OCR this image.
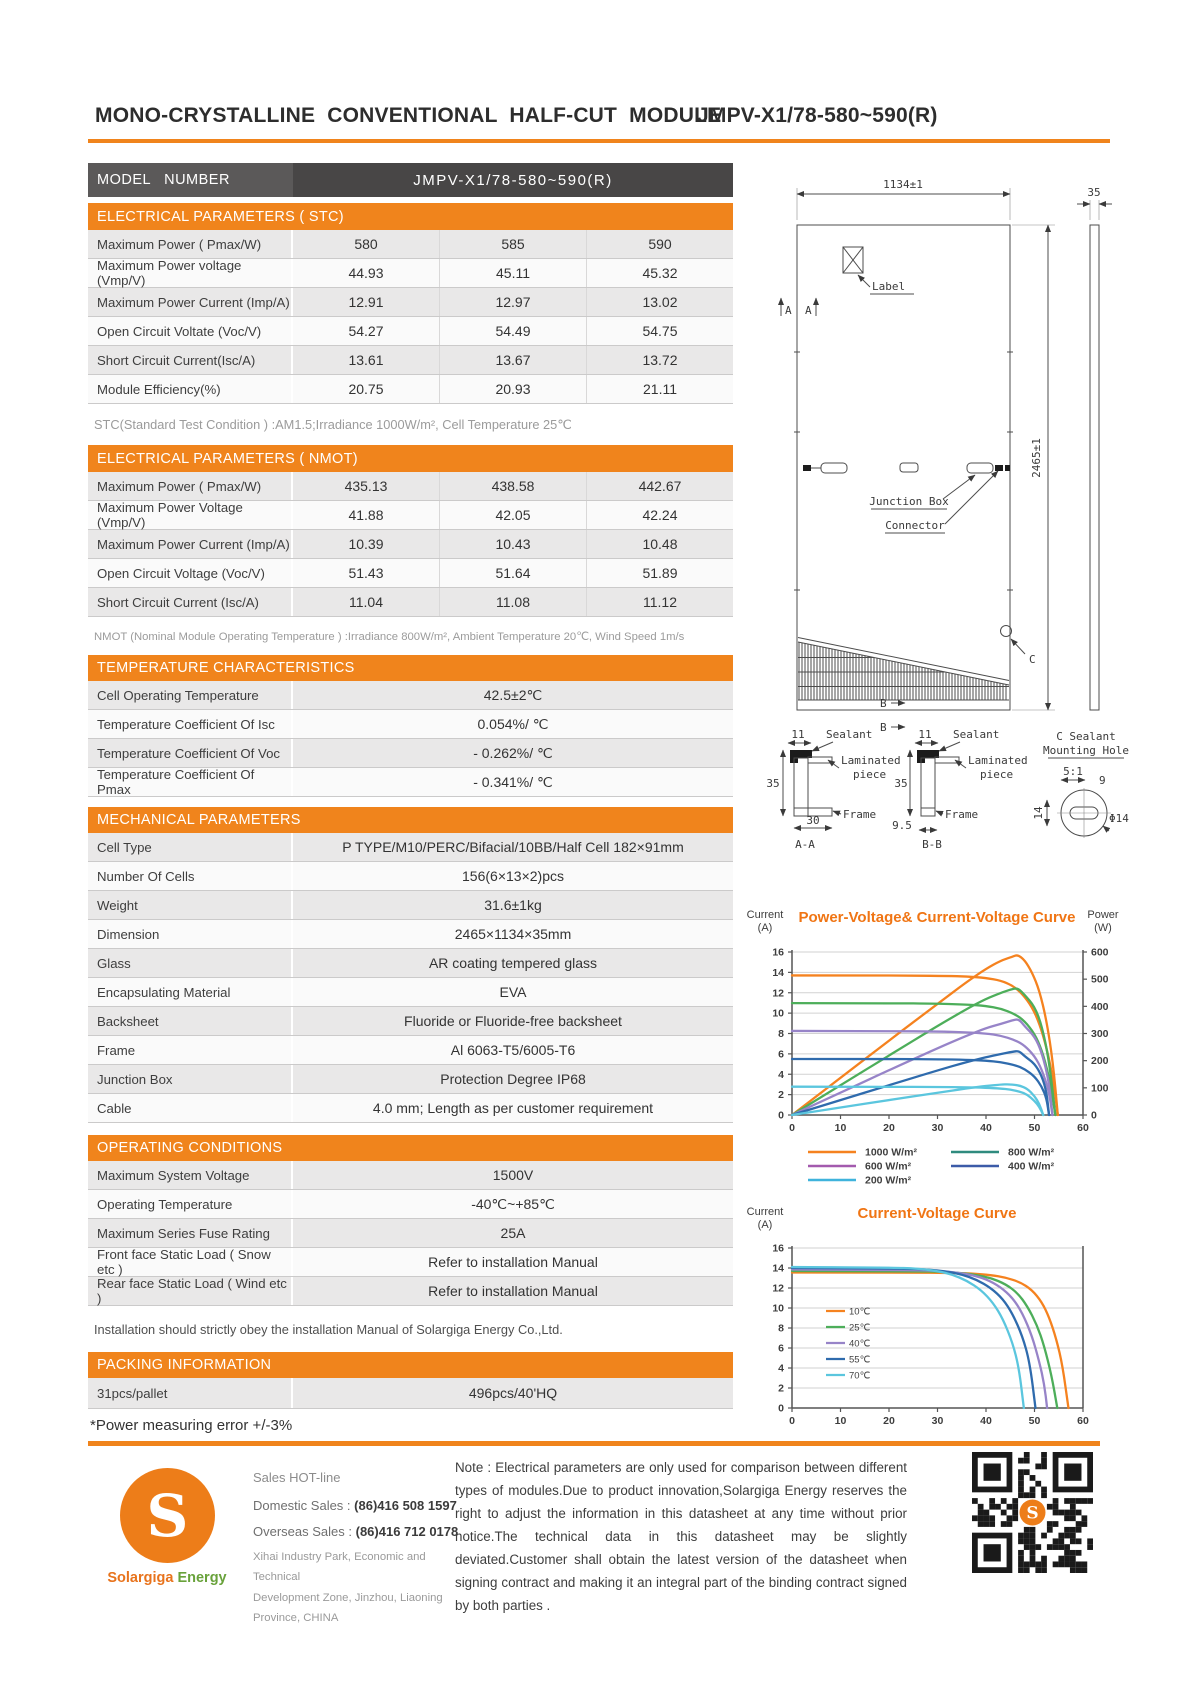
MONO-CRYSTALLINE  CONVENTIONAL  HALF-CUT  MODULE
JMPV-X1/78-580~590(R)
MODEL   NUMBER	JMPV-X1/78-580~590(R)
ELECTRICAL PARAMETERS ( STC)
Maximum Power ( Pmax/W)	580	585	590
Maximum Power voltage (Vmp/V)	44.93	45.11	45.32
Maximum Power Current (Imp/A)	12.91	12.97	13.02
Open Circuit Voltate (Voc/V)	54.27	54.49	54.75
Short Circuit Current(Isc/A)	13.61	13.67	13.72
Module Efficiency(%)	20.75	20.93	21.11
STC(Standard Test Condition ) :AM1.5;Irradiance 1000W/m², Cell Temperature 25℃
ELECTRICAL PARAMETERS ( NMOT)
Maximum Power ( Pmax/W)	435.13	438.58	442.67
Maximum Power Voltage (Vmp/V)	41.88	42.05	42.24
Maximum Power Current (Imp/A)	10.39	10.43	10.48
Open Circuit Voltage (Voc/V)	51.43	51.64	51.89
Short Circuit Current (Isc/A)	11.04	11.08	11.12
NMOT (Nominal Module Operating Temperature ) :Irradiance 800W/m², Ambient Temperature 20℃, Wind Speed 1m/s
TEMPERATURE CHARACTERISTICS
Cell Operating Temperature	42.5±2℃
Temperature Coefficient Of Isc	0.054%/ ℃
Temperature Coefficient Of Voc	- 0.262%/ ℃
Temperature Coefficient Of Pmax	- 0.341%/ ℃
MECHANICAL PARAMETERS
Cell Type	P TYPE/M10/PERC/Bifacial/10BB/Half Cell 182×91mm
Number Of Cells	156(6×13×2)pcs
Weight	31.6±1kg
Dimension	2465×1134×35mm
Glass	AR coating tempered glass
Encapsulating Material	EVA
Backsheet	Fluoride or Fluoride-free backsheet
Frame	Al 6063-T5/6005-T6
Junction Box	Protection Degree IP68
Cable	4.0 mm; Length as per customer requirement
OPERATING CONDITIONS
Maximum System Voltage	1500V
Operating Temperature	-40℃~+85℃
Maximum Series Fuse Rating	25A
Front face Static Load ( Snow etc )	Refer to installation Manual
Rear face Static Load ( Wind etc )	Refer to installation Manual
Installation should strictly obey the installation Manual of Solargiga Energy Co.,Ltd.
PACKING INFORMATION
31pcs/pallet	496pcs/40'HQ
*Power measuring error +/-3%
1134±1
35
2465±1
Label
A A
Junction Box
Connector
C
B
B
11 Sealant
Laminated
piece
35
30 Frame
A-A
11 Sealant
Laminated
piece
35
9.5
Frame
B-B
C Sealant
Mounting Hole
5:1
9
Φ14
14
0
2
4
6
8
10
12
14
16
0
100
200
300
400
500
600
0	10	20	30	40	50	60
Power-Voltage& Current-Voltage Curve
Current
(A)
Power
(W)
1000 W/m²	800 W/m²
600 W/m²	400 W/m²
200 W/m²
0
2
4
6
8
10
12
14
16
0	10	20	30	40	50	60
Current-Voltage Curve
Current
(A)
10℃
25℃
40℃
55℃
70℃
S
Solargiga Energy
Sales HOT-line
Domestic Sales : (86)416 508 1597
Overseas Sales : (86)416 712 0178
Xihai Industry Park, Economic and Technical
Development Zone, Jinzhou, Liaoning
Province, CHINA
Note : Electrical parameters are only used for comparison between different types of modules.Due to product innovation,Solargiga Energy reserves the right to adjust the information in this datasheet at any time without prior notice.The technical data in this datasheet may be slightly deviated.Customer shall obtain the latest version of the datasheet when signing contract and making it an integral part of the binding contract signed by both parties .
S
